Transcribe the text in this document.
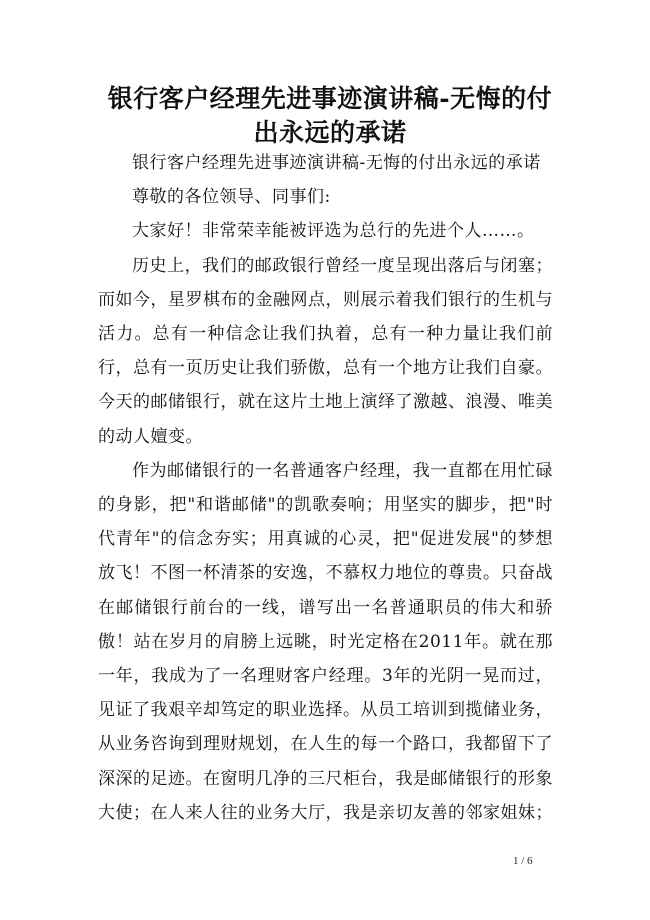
银行客户经理先进事迹演讲稿-无悔的付出永远的承诺

银行客户经理先进事迹演讲稿-无悔的付出永远的承诺

尊敬的各位领导、同事们:

大家好！非常荣幸能被评选为总行的先进个人……。

历史上，我们的邮政银行曾经一度呈现出落后与闭塞；而如今，星罗棋布的金融网点，则展示着我们银行的生机与活力。总有一种信念让我们执着，总有一种力量让我们前行，总有一页历史让我们骄傲，总有一个地方让我们自豪。今天的邮储银行，就在这片土地上演绎了激越、浪漫、唯美的动人嬗变。

作为邮储银行的一名普通客户经理，我一直都在用忙碌的身影，把"和谐邮储"的凯歌奏响；用坚实的脚步，把"时代青年"的信念夯实；用真诚的心灵，把"促进发展"的梦想放飞！不图一杯清茶的安逸，不慕权力地位的尊贵。只奋战在邮储银行前台的一线，谱写出一名普通职员的伟大和骄傲！站在岁月的肩膀上远眺，时光定格在2011年。就在那一年，我成为了一名理财客户经理。3年的光阴一晃而过，见证了我艰辛却笃定的职业选择。从员工培训到揽储业务，从业务咨询到理财规划，在人生的每一个路口，我都留下了深深的足迹。在窗明几净的三尺柜台，我是邮储银行的形象大使；在人来人往的业务大厅，我是亲切友善的邻家姐妹；

1 / 6
